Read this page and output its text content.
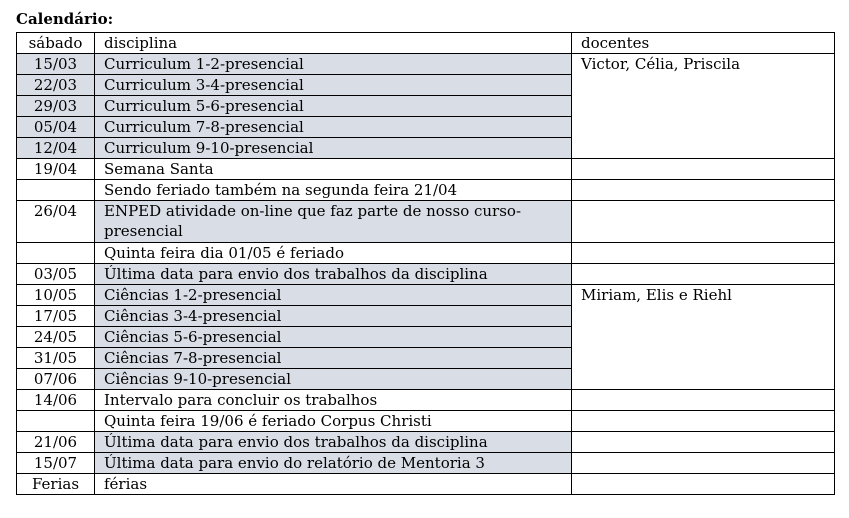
Calendário:
sábado	disciplina	docentes
15/03	Curriculum 1-2-presencial	Victor, Célia, Priscila
22/03	Curriculum 3-4-presencial	
29/03	Curriculum 5-6-presencial	
05/04	Curriculum 7-8-presencial	
12/04	Curriculum 9-10-presencial	
19/04	Semana Santa	
	Sendo feriado também na segunda feira 21/04	
26/04	ENPED atividade on-line que faz parte de nosso curso-presencial	
	Quinta feira dia 01/05 é feriado	
03/05	Última data para envio dos trabalhos da disciplina	
10/05	Ciências 1-2-presencial	Miriam, Elis e Riehl
17/05	Ciências 3-4-presencial	
24/05	Ciências 5-6-presencial	
31/05	Ciências 7-8-presencial	
07/06	Ciências 9-10-presencial	
14/06	Intervalo para concluir os trabalhos	
	Quinta feira 19/06 é feriado Corpus Christi	
21/06	Última data para envio dos trabalhos da disciplina	
15/07	Última data para envio do relatório de Mentoria 3	
Ferias	férias	
